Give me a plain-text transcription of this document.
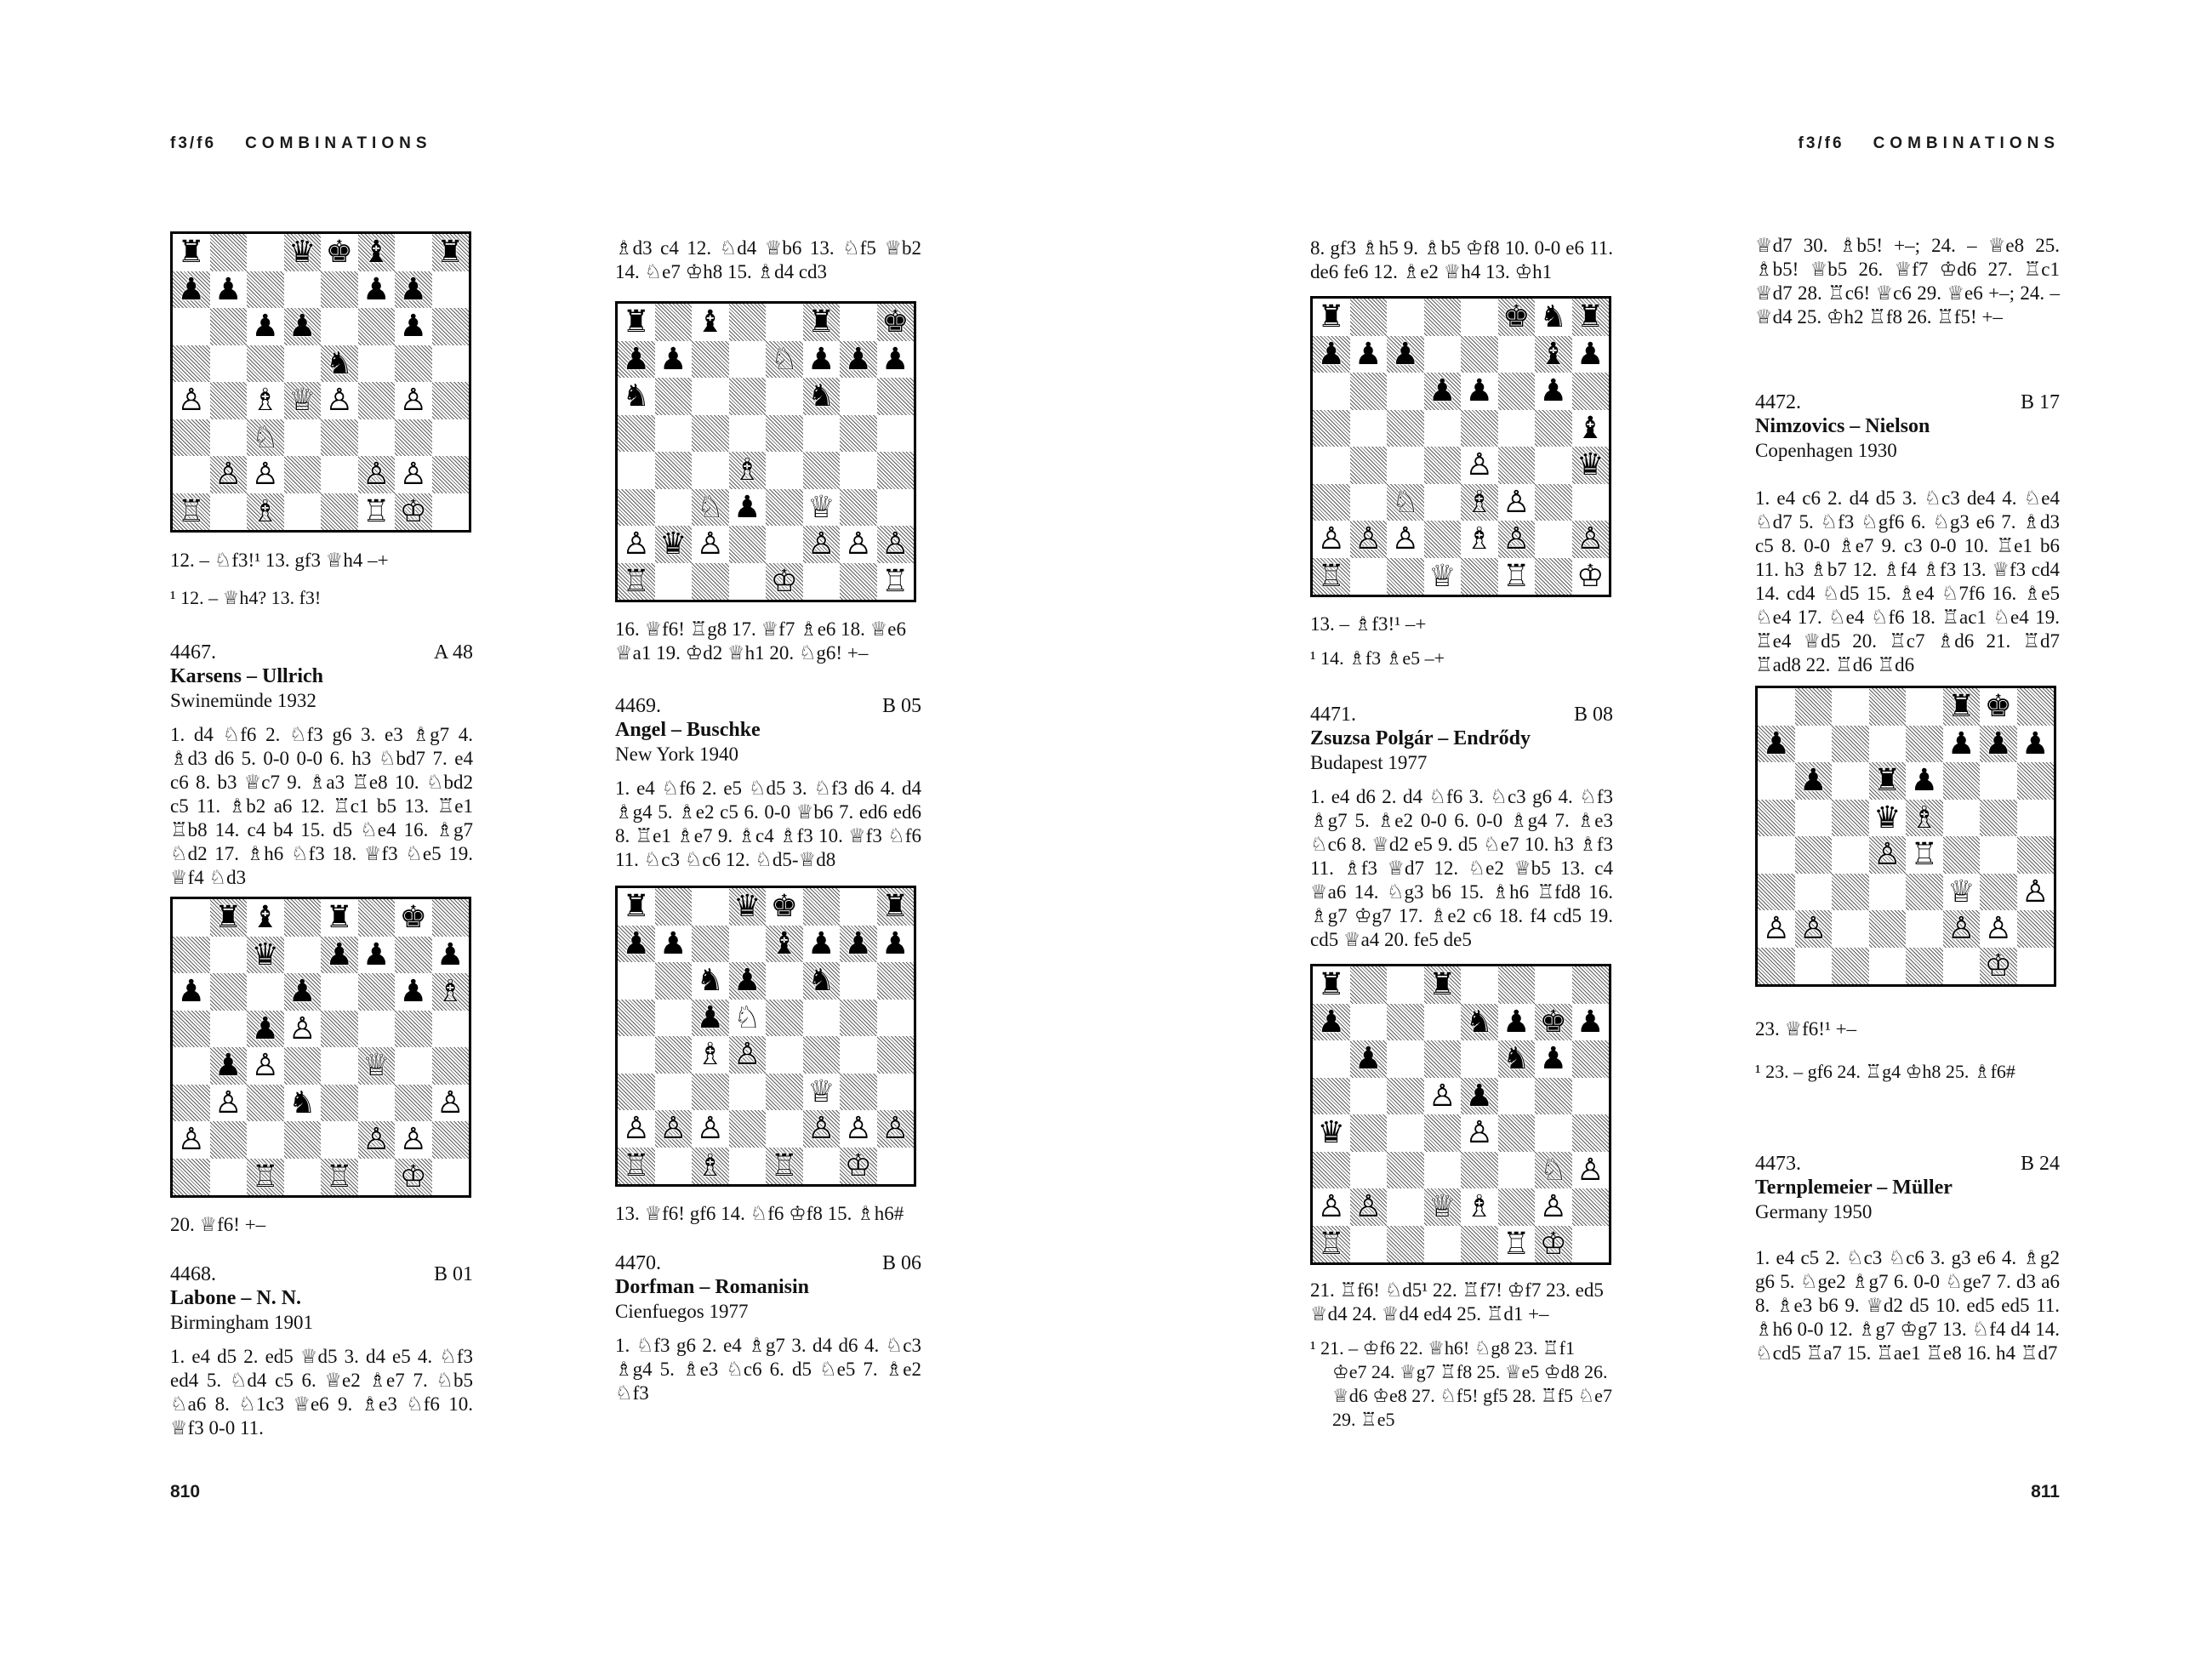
f3/f6 COMBINATIONS	f3/f6 COMBINATIONS
♜	♛ ♚ ♝ ♜
♟ ♟	♟ ♟
♟ ♟	♟
♞
♙ ♗ ♕ ♙ ♙
♘
♙ ♙	♙ ♙
♖ ♗	♖ ♔

12. – ♘f3!¹ 13. gf3 ♕h4 –+

¹ 12. – ♕h4? 13. f3!

4467.	A 48
Karsens – Ullrich
Swinemünde 1932

1. d4 ♘f6 2. ♘f3 g6 3. e3 ♗g7 4. ♗d3 d6 5. 0-0 0-0 6. h3 ♘bd7 7. e4 c6 8. b3 ♕c7 9. ♗a3 ♖e8 10. ♘bd2 c5 11. ♗b2 a6 12. ♖c1 b5 13. ♖e1 ♖b8 14. c4 b4 15. d5 ♘e4 16. ♗g7 ♘d2 17. ♗h6 ♘f3 18. ♕f3 ♘e5 19. ♕f4 ♘d3

♜ ♝ ♜ ♚
♛ ♟ ♟ ♟
♟	♟	♟ ♗
♟ ♙
♟ ♙	♕
♙ ♞	♙
♙	♙ ♙
♖ ♖ ♔

20. ♕f6! +–

4468.	B 01
Labone – N. N.
Birmingham 1901

1. e4 d5 2. ed5 ♕d5 3. d4 e5 4. ♘f3 ed4 5. ♘d4 c5 6. ♕e2 ♗e7 7. ♘b5 ♘a6 8. ♘1c3 ♕e6 9. ♗e3 ♘f6 10. ♕f3 0-0 11.

♗d3 c4 12. ♘d4 ♕b6 13. ♘f5 ♕b2 14. ♘e7 ♔h8 15. ♗d4 cd3

♜ ♝	♜ ♚
♟ ♟	♘ ♟ ♟ ♟
♞	♞
♗
♘ ♟ ♕
♙ ♛ ♙	♙ ♙ ♙
♖	♔	♖

16. ♕f6! ♖g8 17. ♕f7 ♗e6 18. ♕e6 ♕a1 19. ♔d2 ♕h1 20. ♘g6! +–

4469.	B 05
Angel – Buschke
New York 1940

1. e4 ♘f6 2. e5 ♘d5 3. ♘f3 d6 4. d4 ♗g4 5. ♗e2 c5 6. 0-0 ♕b6 7. ed6 ed6 8. ♖e1 ♗e7 9. ♗c4 ♗f3 10. ♕f3 ♘f6 11. ♘c3 ♘c6 12. ♘d5-♕d8

♜	♛ ♚	♜
♟ ♟	♝ ♟ ♟ ♟
♞ ♟ ♞
♟ ♘
♗ ♙
♕
♙ ♙ ♙	♙ ♙ ♙
♖ ♗ ♖ ♔

13. ♕f6! gf6 14. ♘f6 ♔f8 15. ♗h6#

4470.	B 06
Dorfman – Romanisin
Cienfuegos 1977

1. ♘f3 g6 2. e4 ♗g7 3. d4 d6 4. ♘c3 ♗g4 5. ♗e3 ♘c6 6. d5 ♘e5 7. ♗e2 ♘f3

8. gf3 ♗h5 9. ♗b5 ♔f8 10. 0-0 e6 11. de6 fe6 12. ♗e2 ♕h4 13. ♔h1

♜	♚ ♞ ♜
♟ ♟ ♟	♝ ♟
♟ ♟ ♟
♝
♙	♛
♘ ♗ ♙
♙ ♙ ♙ ♗ ♙ ♙
♖	♕ ♖ ♔

13. – ♗f3!¹ –+

¹ 14. ♗f3 ♗e5 –+

4471.	B 08
Zsuzsa Polgár – Endrődy
Budapest 1977

1. e4 d6 2. d4 ♘f6 3. ♘c3 g6 4. ♘f3 ♗g7 5. ♗e2 0-0 6. 0-0 ♗g4 7. ♗e3 ♘c6 8. ♕d2 e5 9. d5 ♘e7 10. h3 ♗f3 11. ♗f3 ♕d7 12. ♘e2 ♕b5 13. c4 ♕a6 14. ♘g3 b6 15. ♗h6 ♖fd8 16. ♗g7 ♔g7 17. ♗e2 c6 18. f4 cd5 19. cd5 ♕a4 20. fe5 de5

♜	♜
♟	♞ ♟ ♚ ♟
♟	♞ ♟
♙ ♟
♛	♙
♘ ♙
♙ ♙ ♕ ♗ ♙
♖	♖ ♔

21. ♖f6! ♘d5¹ 22. ♖f7! ♔f7 23. ed5 ♕d4 24. ♕d4 ed4 25. ♖d1 +–

¹ 21. – ♔f6 22. ♕h6! ♘g8 23. ♖f1 ♔e7 24. ♕g7 ♖f8 25. ♕e5 ♔d8 26. ♕d6 ♔e8 27. ♘f5! gf5 28. ♖f5 ♘e7 29. ♖e5

♕d7 30. ♗b5! +–; 24. – ♕e8 25. ♗b5! ♕b5 26. ♕f7 ♔d6 27. ♖c1 ♕d7 28. ♖c6! ♕c6 29. ♕e6 +–; 24. – ♕d4 25. ♔h2 ♖f8 26. ♖f5! +–

4472.	B 17
Nimzovics – Nielson
Copenhagen 1930

1. e4 c6 2. d4 d5 3. ♘c3 de4 4. ♘e4 ♘d7 5. ♘f3 ♘gf6 6. ♘g3 e6 7. ♗d3 c5 8. 0-0 ♗e7 9. c3 0-0 10. ♖e1 b6 11. h3 ♗b7 12. ♗f4 ♗f3 13. ♕f3 cd4 14. cd4 ♘d5 15. ♗e4 ♘7f6 16. ♗e5 ♘e4 17. ♘e4 ♘f6 18. ♖ac1 ♘e4 19. ♖e4 ♕d5 20. ♖c7 ♗d6 21. ♖d7 ♖ad8 22. ♖d6 ♖d6

♜ ♚
♟	♟ ♟ ♟
♟ ♜ ♟
♛ ♗
♙ ♖
♕ ♙
♙ ♙	♙ ♙
♔

23. ♕f6!¹ +–

¹ 23. – gf6 24. ♖g4 ♔h8 25. ♗f6#

4473.	B 24
Ternplemeier – Müller
Germany 1950

1. e4 c5 2. ♘c3 ♘c6 3. g3 e6 4. ♗g2 g6 5. ♘ge2 ♗g7 6. 0-0 ♘ge7 7. d3 a6 8. ♗e3 b6 9. ♕d2 d5 10. ed5 ed5 11. ♗h6 0-0 12. ♗g7 ♔g7 13. ♘f4 d4 14. ♘cd5 ♖a7 15. ♖ae1 ♖e8 16. h4 ♖d7

810	811
